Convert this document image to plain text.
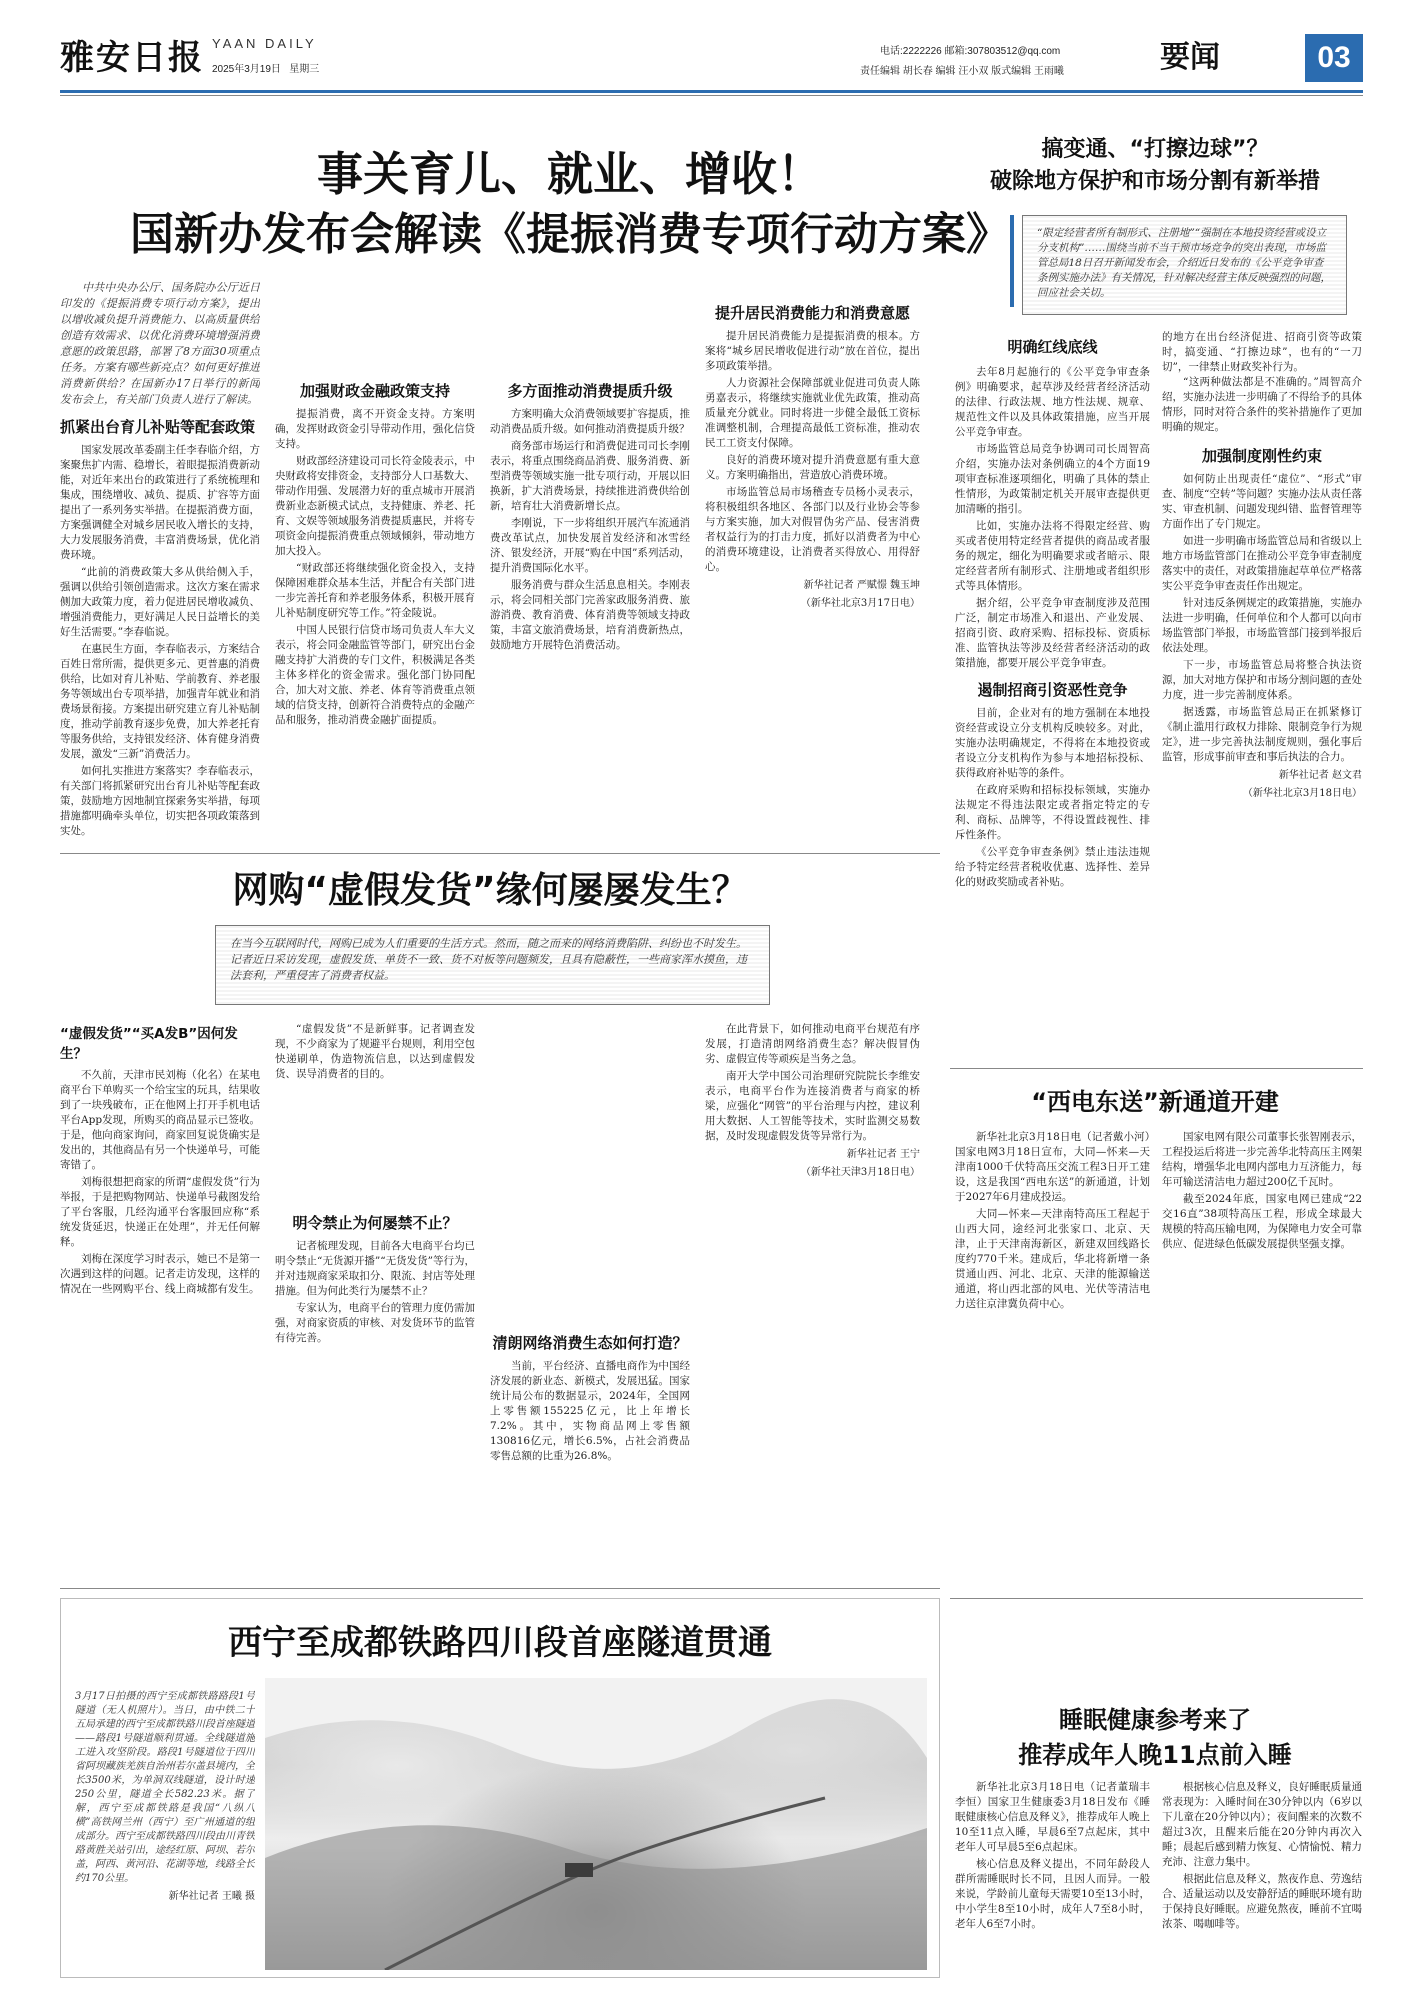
雅安日报 YAAN DAILY
2025年3月19日 星期三
电话:2222226 邮箱:307803512@qq.com
责任编辑 胡长春 编辑 汪小双 版式编辑 王雨曦	要闻	03
事关育儿、就业、增收！
国新办发布会解读《提振消费专项行动方案》

中共中央办公厅、国务院办公厅近日印发的《提振消费专项行动方案》，提出以增收减负提升消费能力、以高质量供给创造有效需求、以优化消费环境增强消费意愿的政策思路，部署了8方面30项重点任务。方案有哪些新亮点？如何更好推进消费新供给？在国新办17日举行的新闻发布会上，有关部门负责人进行了解读。

抓紧出台育儿补贴等配套政策

国家发展改革委副主任李春临介绍，方案聚焦扩内需、稳增长，着眼提振消费新动能，对近年来出台的政策进行了系统梳理和集成，围绕增收、减负、提质、扩容等方面提出了一系列务实举措。在提振消费方面，方案强调健全对城乡居民收入增长的支持，大力发展服务消费，丰富消费场景，优化消费环境。

“此前的消费政策大多从供给侧入手，强调以供给引领创造需求。这次方案在需求侧加大政策力度，着力促进居民增收减负、增强消费能力，更好满足人民日益增长的美好生活需要。”李春临说。

在惠民生方面，李春临表示，方案结合百姓日常所需，提供更多元、更普惠的消费供给，比如对育儿补贴、学前教育、养老服务等领域出台专项举措，加强青年就业和消费场景衔接。方案提出研究建立育儿补贴制度，推动学前教育逐步免费，加大养老托育等服务供给，支持银发经济、体育健身消费发展，激发“三新”消费活力。

如何扎实推进方案落实？李春临表示，有关部门将抓紧研究出台育儿补贴等配套政策，鼓励地方因地制宜探索务实举措，每项措施都明确牵头单位，切实把各项政策落到实处。

加强财政金融政策支持

提振消费，离不开资金支持。方案明确，发挥财政资金引导带动作用，强化信贷支持。

财政部经济建设司司长符金陵表示，中央财政将安排资金，支持部分人口基数大、带动作用强、发展潜力好的重点城市开展消费新业态新模式试点，支持健康、养老、托育、文娱等领域服务消费提质惠民，并将专项资金向提振消费重点领域倾斜，带动地方加大投入。

“财政部还将继续强化资金投入，支持保障困难群众基本生活，并配合有关部门进一步完善托育和养老服务体系，积极开展育儿补贴制度研究等工作。”符金陵说。

中国人民银行信贷市场司负责人车大义表示，将会同金融监管等部门，研究出台金融支持扩大消费的专门文件，积极满足各类主体多样化的资金需求。强化部门协同配合，加大对文旅、养老、体育等消费重点领域的信贷支持，创新符合消费特点的金融产品和服务，推动消费金融扩面提质。

多方面推动消费提质升级

方案明确大众消费领域要扩容提质，推动消费品质升级。如何推动消费提质升级？

商务部市场运行和消费促进司司长李刚表示，将重点围绕商品消费、服务消费、新型消费等领域实施一批专项行动，开展以旧换新，扩大消费场景，持续推进消费供给创新，培育壮大消费新增长点。

李刚说，下一步将组织开展汽车流通消费改革试点，加快发展首发经济和冰雪经济、银发经济，开展“购在中国”系列活动，提升消费国际化水平。

服务消费与群众生活息息相关。李刚表示，将会同相关部门完善家政服务消费、旅游消费、教育消费、体育消费等领域支持政策，丰富文旅消费场景，培育消费新热点，鼓励地方开展特色消费活动。

提升居民消费能力和消费意愿

提升居民消费能力是提振消费的根本。方案将“城乡居民增收促进行动”放在首位，提出多项政策举措。

人力资源社会保障部就业促进司负责人陈勇嘉表示，将继续实施就业优先政策，推动高质量充分就业。同时将进一步健全最低工资标准调整机制，合理提高最低工资标准，推动农民工工资支付保障。

良好的消费环境对提升消费意愿有重大意义。方案明确指出，营造放心消费环境。

市场监管总局市场稽查专员杨小灵表示，将积极组织各地区、各部门以及行业协会等参与方案实施，加大对假冒伪劣产品、侵害消费者权益行为的打击力度，抓好以消费者为中心的消费环境建设，让消费者买得放心、用得舒心。

新华社记者 严赋憬 魏玉坤
（新华社北京3月17日电）
网购“虚假发货”缘何屡屡发生？
在当今互联网时代，网购已成为人们重要的生活方式。然而，随之而来的网络消费陷阱、纠纷也不时发生。记者近日采访发现，虚假发货、单货不一致、货不对板等问题频发，且具有隐蔽性，一些商家浑水摸鱼，违法套利，严重侵害了消费者权益。
“虚假发货”“买A发B”因何发生？

不久前，天津市民刘梅（化名）在某电商平台下单购买一个给宝宝的玩具，结果收到了一块残破布，正在他网上打开手机电话平台App发现，所购买的商品显示已签收。于是，他向商家询问，商家回复说货确实是发出的，其他商品有另一个快递单号，可能寄错了。

刘梅很想把商家的所谓“虚假发货”行为举报，于是把购物网站、快递单号截图发给了平台客服，几经沟通平台客服回应称“系统发货延迟，快递正在处理”，并无任何解释。

刘梅在深度学习时表示，她已不是第一次遇到这样的问题。记者走访发现，这样的情况在一些网购平台、线上商城都有发生。

“虚假发货”不是新鲜事。记者调查发现，不少商家为了规避平台规则，利用空包快递刷单，伪造物流信息，以达到虚假发货、误导消费者的目的。

明令禁止为何屡禁不止？

记者梳理发现，目前各大电商平台均已明令禁止“无货源开播”“无货发货”等行为，并对违规商家采取扣分、限流、封店等处理措施。但为何此类行为屡禁不止？

专家认为，电商平台的管理力度仍需加强，对商家资质的审核、对发货环节的监管有待完善。	清朗网络消费生态如何打造？

当前，平台经济、直播电商作为中国经济发展的新业态、新模式，发展迅猛。国家统计局公布的数据显示，2024年，全国网上零售额155225亿元，比上年增长7.2%。其中，实物商品网上零售额130816亿元，增长6.5%，占社会消费品零售总额的比重为26.8%。

在此背景下，如何推动电商平台规范有序发展，打造清朗网络消费生态？解决假冒伪劣、虚假宣传等顽疾是当务之急。

南开大学中国公司治理研究院院长李维安表示，电商平台作为连接消费者与商家的桥梁，应强化“网管”的平台治理与内控，建议利用大数据、人工智能等技术，实时监测交易数据，及时发现虚假发货等异常行为。

新华社记者 王宁
（新华社天津3月18日电）
西宁至成都铁路四川段首座隧道贯通

3月17日拍摄的西宁至成都铁路路段1号隧道（无人机照片）。当日，由中铁二十五局承建的西宁至成都铁路川段首座隧道——路段1号隧道顺利贯通。全线隧道施工进入攻坚阶段。路段1号隧道位于四川省阿坝藏族羌族自治州若尔盖县境内，全长3500米，为单洞双线隧道，设计时速250公里，隧道全长582.23米。据了解，西宁至成都铁路是我国“八纵八横”高铁网兰州（西宁）至广州通道的组成部分。西宁至成都铁路四川段由川青铁路黄胜关站引出，途经红原、阿坝、若尔盖，阿西、黄河沿、花湖等地，线路全长约170公里。

新华社记者 王曦 摄
搞变通、“打擦边球”？
破除地方保护和市场分割有新举措
“限定经营者所有制形式、注册地”“强制在本地投资经营或设立分支机构”……围绕当前不当干预市场竞争的突出表现，市场监管总局18日召开新闻发布会，介绍近日发布的《公平竞争审查条例实施办法》有关情况，针对解决经营主体反映强烈的问题，回应社会关切。
明确红线底线

去年8月起施行的《公平竞争审查条例》明确要求，起草涉及经营者经济活动的法律、行政法规、地方性法规、规章、规范性文件以及具体政策措施，应当开展公平竞争审查。

市场监管总局竞争协调司司长周智高介绍，实施办法对条例确立的4个方面19项审查标准逐项细化，明确了具体的禁止性情形，为政策制定机关开展审查提供更加清晰的指引。

比如，实施办法将不得限定经营、购买或者使用特定经营者提供的商品或者服务的规定，细化为明确要求或者暗示、限定经营者所有制形式、注册地或者组织形式等具体情形。

据介绍，公平竞争审查制度涉及范围广泛，制定市场准入和退出、产业发展、招商引资、政府采购、招标投标、资质标准、监管执法等涉及经营者经济活动的政策措施，都要开展公平竞争审查。

遏制招商引资恶性竞争

目前，企业对有的地方强制在本地投资经营或设立分支机构反映较多。对此，实施办法明确规定，不得将在本地投资或者设立分支机构作为参与本地招标投标、获得政府补贴等的条件。

在政府采购和招标投标领域，实施办法规定不得违法限定或者指定特定的专利、商标、品牌等，不得设置歧视性、排斥性条件。

《公平竞争审查条例》禁止违法违规给予特定经营者税收优惠、选择性、差异化的财政奖励或者补贴。

的地方在出台经济促进、招商引资等政策时，搞变通、“打擦边球”，也有的“一刀切”，一律禁止财政奖补行为。

“这两种做法都是不准确的。”周智高介绍，实施办法进一步明确了不得给予的具体情形，同时对符合条件的奖补措施作了更加明确的规定。

加强制度刚性约束

如何防止出现责任“虚位”、“形式”审查、制度“空转”等问题？实施办法从责任落实、审查机制、问题发现纠错、监督管理等方面作出了专门规定。

如进一步明确市场监管总局和省级以上地方市场监管部门在推动公平竞争审查制度落实中的责任，对政策措施起草单位严格落实公平竞争审查责任作出规定。

针对违反条例规定的政策措施，实施办法进一步明确，任何单位和个人都可以向市场监管部门举报，市场监管部门接到举报后依法处理。

下一步，市场监管总局将整合执法资源，加大对地方保护和市场分割问题的查处力度，进一步完善制度体系。

据透露，市场监管总局正在抓紧修订《制止滥用行政权力排除、限制竞争行为规定》，进一步完善执法制度规则，强化事后监管，形成事前审查和事后执法的合力。

新华社记者 赵文君
（新华社北京3月18日电）
“西电东送”新通道开建

新华社北京3月18日电（记者戴小河）国家电网3月18日宣布，大同—怀来—天津南1000千伏特高压交流工程3日开工建设，这是我国“西电东送”的新通道，计划于2027年6月建成投运。

大同—怀来—天津南特高压工程起于山西大同，途经河北张家口、北京、天津，止于天津南海新区，新建双回线路长度约770千米。建成后，华北将新增一条贯通山西、河北、北京、天津的能源输送通道，将山西北部的风电、光伏等清洁电力送往京津冀负荷中心。

国家电网有限公司董事长张智刚表示，工程投运后将进一步完善华北特高压主网架结构，增强华北电网内部电力互济能力，每年可输送清洁电力超过200亿千瓦时。

截至2024年底，国家电网已建成“22交16直”38项特高压工程，形成全球最大规模的特高压输电网，为保障电力安全可靠供应、促进绿色低碳发展提供坚强支撑。

睡眠健康参考来了
推荐成年人晚11点前入睡

新华社北京3月18日电（记者董瑞丰 李恒）国家卫生健康委3月18日发布《睡眠健康核心信息及释义》，推荐成年人晚上10至11点入睡，早晨6至7点起床，其中老年人可早晨5至6点起床。

核心信息及释义提出，不同年龄段人群所需睡眠时长不同，且因人而异。一般来说，学龄前儿童每天需要10至13小时，中小学生8至10小时，成年人7至8小时，老年人6至7小时。

根据核心信息及释义，良好睡眠质量通常表现为：入睡时间在30分钟以内（6岁以下儿童在20分钟以内）；夜间醒来的次数不超过3次，且醒来后能在20分钟内再次入睡；晨起后感到精力恢复、心情愉悦、精力充沛、注意力集中。

根据此信息及释义，熬夜作息、劳逸结合、适量运动以及安静舒适的睡眠环境有助于保持良好睡眠。应避免熬夜，睡前不宜喝浓茶、喝咖啡等。
